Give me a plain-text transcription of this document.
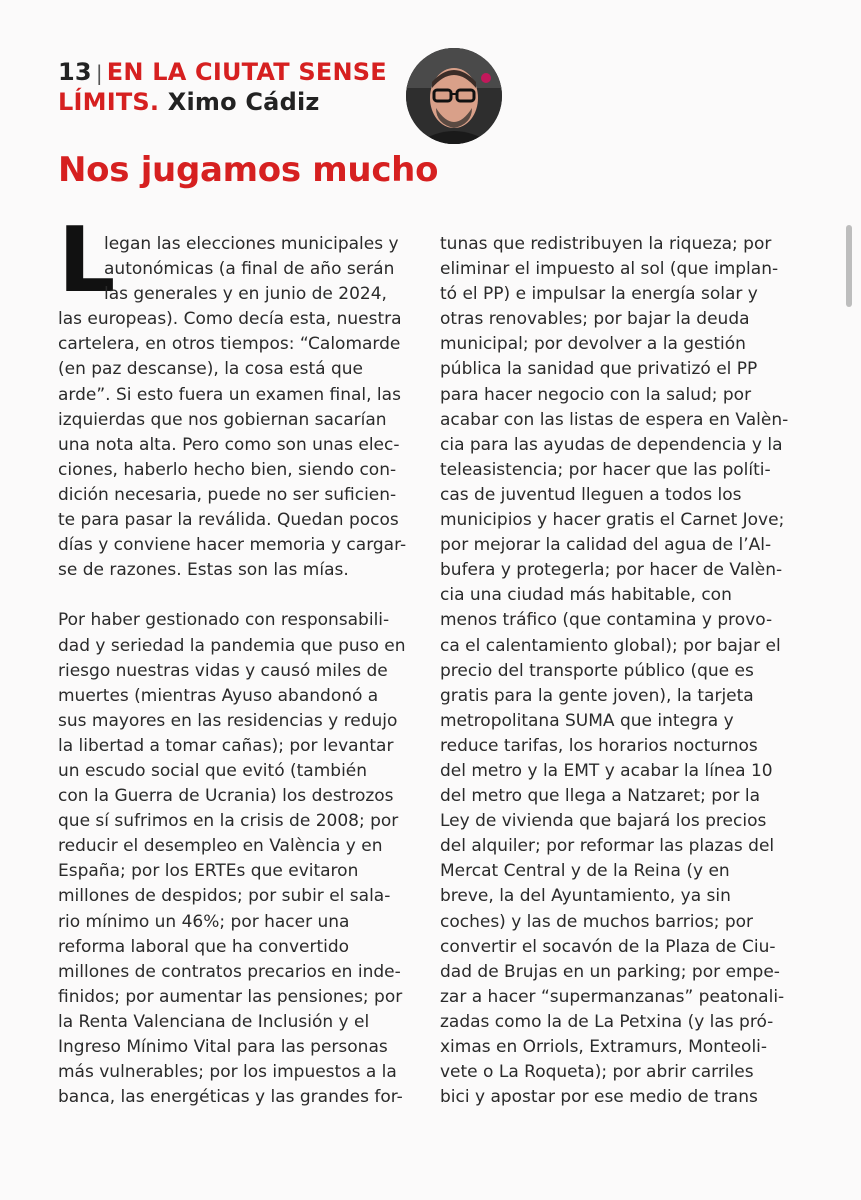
13 | EN LA CIUTAT SENSE
LÍMITS. Ximo Cádiz
Nos jugamos mucho
L
legan las elecciones municipales y
autonómicas (a final de año serán
las generales y en junio de 2024,
las europeas). Como decía esta, nuestra
cartelera, en otros tiempos: “Calomarde
(en paz descanse), la cosa está que
arde”. Si esto fuera un examen final, las
izquierdas que nos gobiernan sacarían
una nota alta. Pero como son unas elec-
ciones, haberlo hecho bien, siendo con-
dición necesaria, puede no ser suficien-
te para pasar la reválida. Quedan pocos
días y conviene hacer memoria y cargar-
se de razones. Estas son las mías.
Por haber gestionado con responsabili-
dad y seriedad la pandemia que puso en
riesgo nuestras vidas y causó miles de
muertes (mientras Ayuso abandonó a
sus mayores en las residencias y redujo
la libertad a tomar cañas); por levantar
un escudo social que evitó (también
con la Guerra de Ucrania) los destrozos
que sí sufrimos en la crisis de 2008; por
reducir el desempleo en València y en
España; por los ERTEs que evitaron
millones de despidos; por subir el sala-
rio mínimo un 46%; por hacer una
reforma laboral que ha convertido
millones de contratos precarios en inde-
finidos; por aumentar las pensiones; por
la Renta Valenciana de Inclusión y el
Ingreso Mínimo Vital para las personas
más vulnerables; por los impuestos a la
banca, las energéticas y las grandes for-
tunas que redistribuyen la riqueza; por
eliminar el impuesto al sol (que implan-
tó el PP) e impulsar la energía solar y
otras renovables; por bajar la deuda
municipal; por devolver a la gestión
pública la sanidad que privatizó el PP
para hacer negocio con la salud; por
acabar con las listas de espera en Valèn-
cia para las ayudas de dependencia y la
teleasistencia; por hacer que las políti-
cas de juventud lleguen a todos los
municipios y hacer gratis el Carnet Jove;
por mejorar la calidad del agua de l’Al-
bufera y protegerla; por hacer de Valèn-
cia una ciudad más habitable, con
menos tráfico (que contamina y provo-
ca el calentamiento global); por bajar el
precio del transporte público (que es
gratis para la gente joven), la tarjeta
metropolitana SUMA que integra y
reduce tarifas, los horarios nocturnos
del metro y la EMT y acabar la línea 10
del metro que llega a Natzaret; por la
Ley de vivienda que bajará los precios
del alquiler; por reformar las plazas del
Mercat Central y de la Reina (y en
breve, la del Ayuntamiento, ya sin
coches) y las de muchos barrios; por
convertir el socavón de la Plaza de Ciu-
dad de Brujas en un parking; por empe-
zar a hacer “supermanzanas” peatonali-
zadas como la de La Petxina (y las pró-
ximas en Orriols, Extramurs, Monteoli-
vete o La Roqueta); por abrir carriles
bici y apostar por ese medio de trans
